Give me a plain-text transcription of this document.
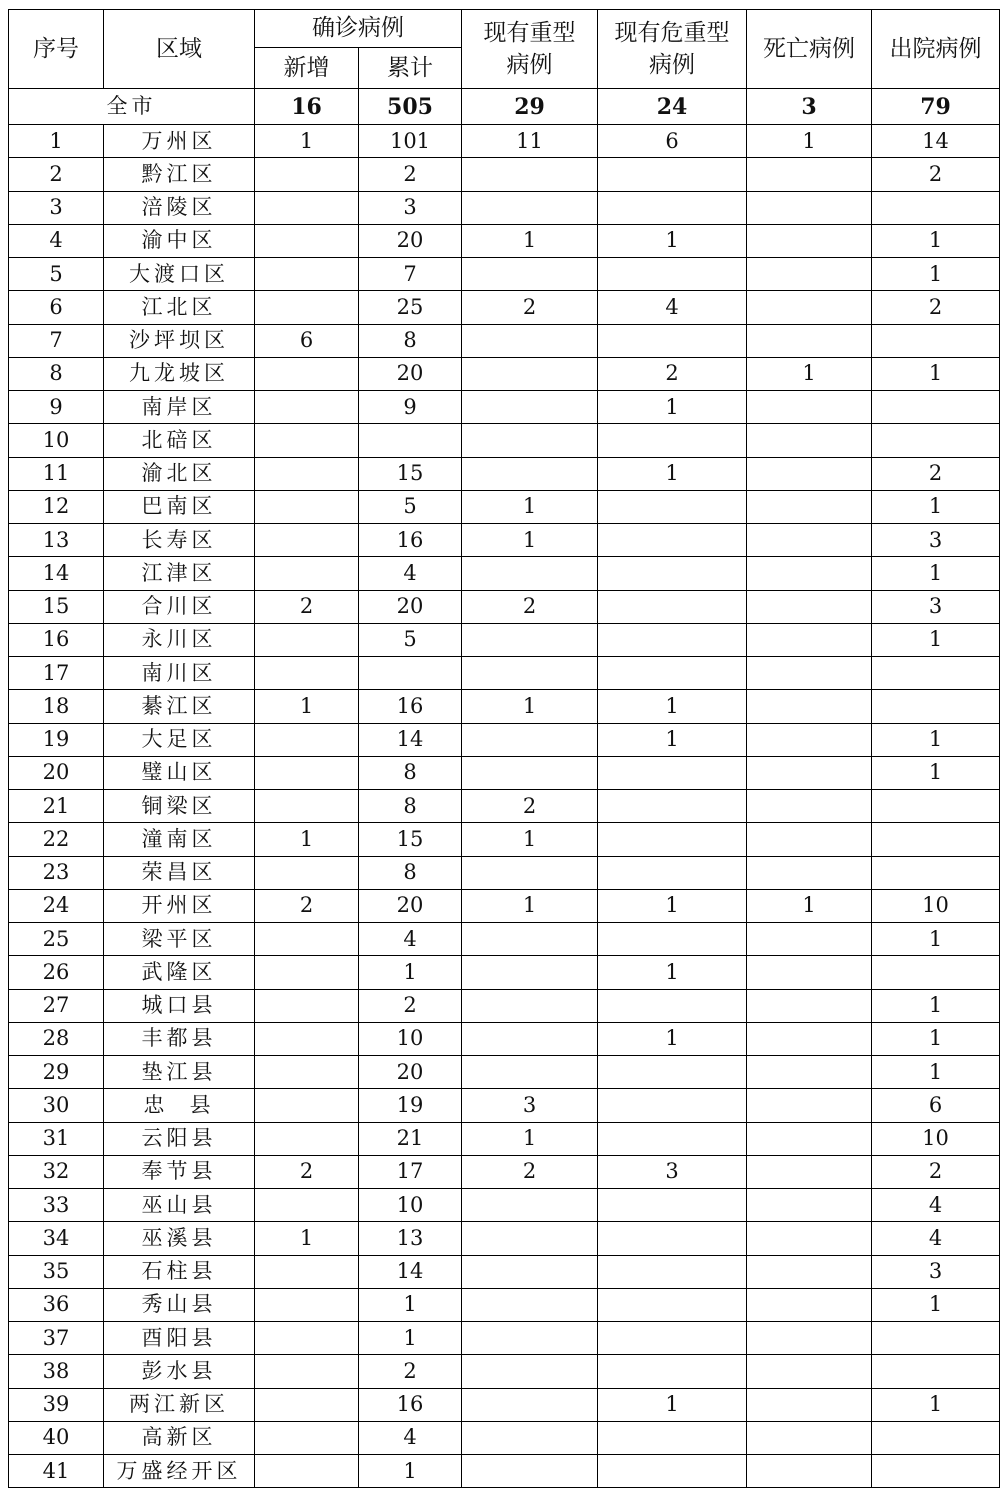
序号	区域	确诊病例		现有重型病例	现有危重型病例	死亡病例	出院病例
		新增	累计				
全市		16	505	29	24	3	79
1	万州区	1	101	11	6	1	14
2	黔江区		2				2
3	涪陵区		3				
4	渝中区		20	1	1		1
5	大渡口区		7				1
6	江北区		25	2	4		2
7	沙坪坝区	6	8				
8	九龙坡区		20		2	1	1
9	南岸区		9		1		
10	北碚区						
11	渝北区		15		1		2
12	巴南区		5	1			1
13	长寿区		16	1			3
14	江津区		4				1
15	合川区	2	20	2			3
16	永川区		5				1
17	南川区						
18	綦江区	1	16	1	1		
19	大足区		14		1		1
20	璧山区		8				1
21	铜梁区		8	2			
22	潼南区	1	15	1			
23	荣昌区		8				
24	开州区	2	20	1	1	1	10
25	梁平区		4				1
26	武隆区		1		1		
27	城口县		2				1
28	丰都县		10		1		1
29	垫江县		20				1
30	忠  县		19	3			6
31	云阳县		21	1			10
32	奉节县	2	17	2	3		2
33	巫山县		10				4
34	巫溪县	1	13				4
35	石柱县		14				3
36	秀山县		1				1
37	酉阳县		1				
38	彭水县		2				
39	两江新区		16		1		1
40	高新区		4				
41	万盛经开区		1				
